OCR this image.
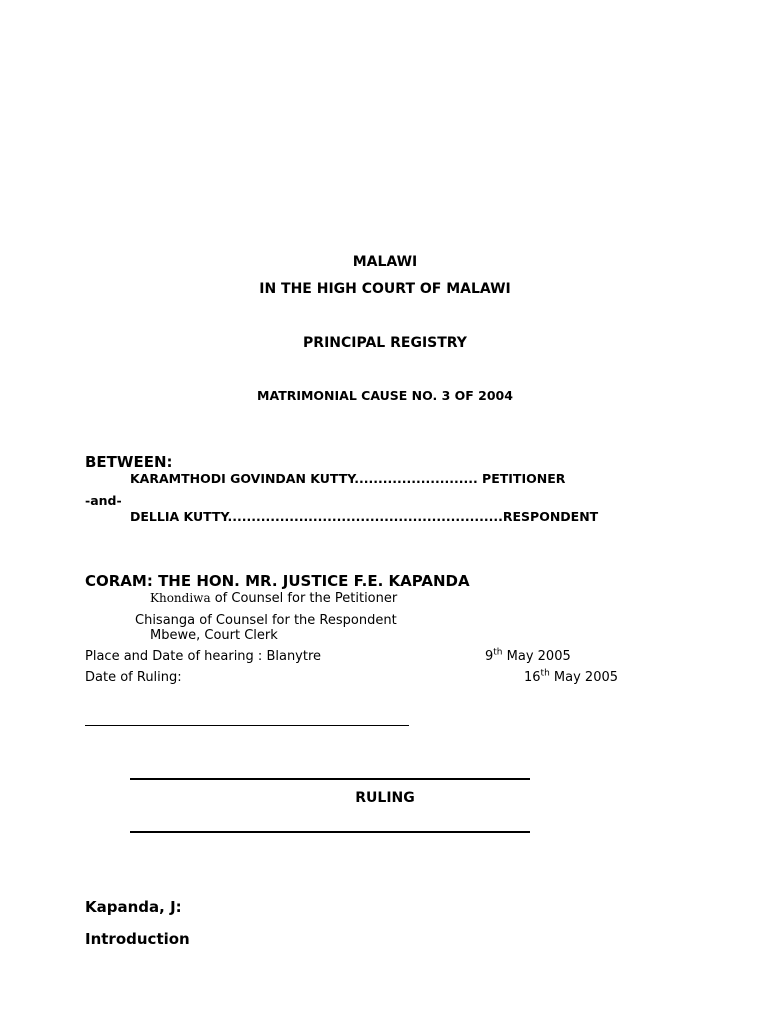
MALAWI
IN THE HIGH COURT OF MALAWI
PRINCIPAL REGISTRY
MATRIMONIAL CAUSE NO. 3 OF 2004
BETWEEN:
KARAMTHODI GOVINDAN KUTTY.......................... PETITIONER
-and-
DELLIA KUTTY..........................................................RESPONDENT
CORAM: THE HON. MR. JUSTICE F.E. KAPANDA
Khondiwa of Counsel for the Petitioner
Chisanga of Counsel for the Respondent
Mbewe, Court Clerk
Place and Date of hearing : Blanytre	9th May 2005
Date of Ruling:	16th May 2005
RULING
Kapanda, J:
Introduction
